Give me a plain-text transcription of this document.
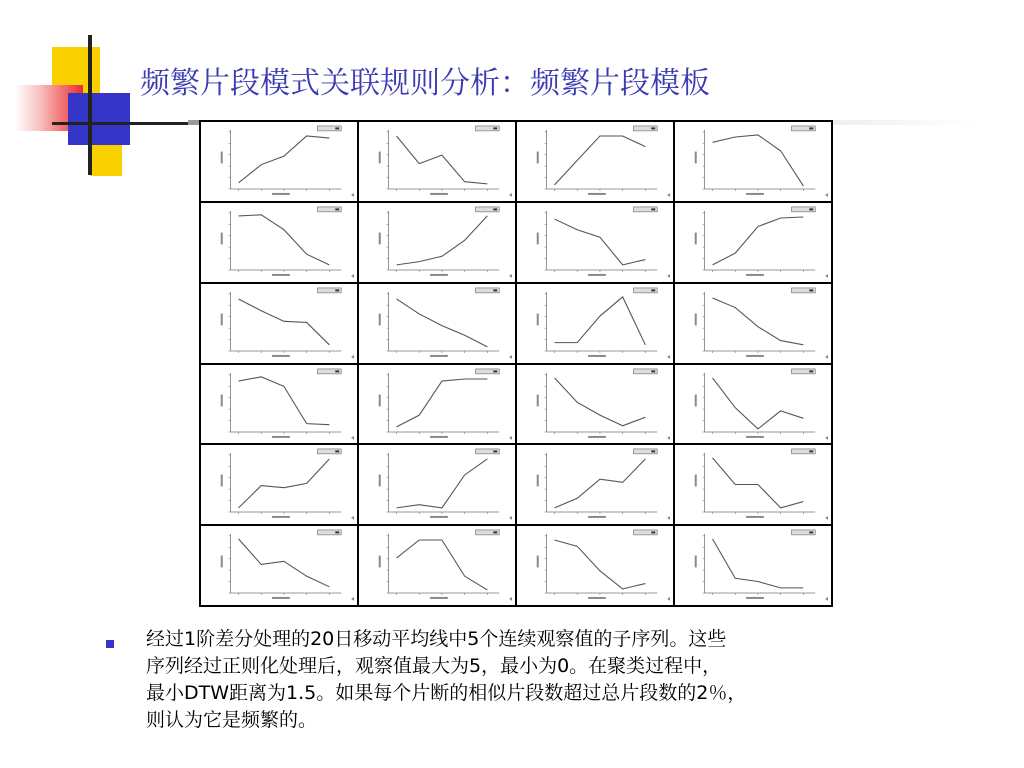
频繁片段模式关联规则分析：频繁片段模板
经过1阶差分处理的20日移动平均线中5个连续观察值的子序列。这些
序列经过正则化处理后，观察值最大为5，最小为0。在聚类过程中，
最小DTW距离为1.5。如果每个片断的相似片段数超过总片段数的2％，
则认为它是频繁的。
